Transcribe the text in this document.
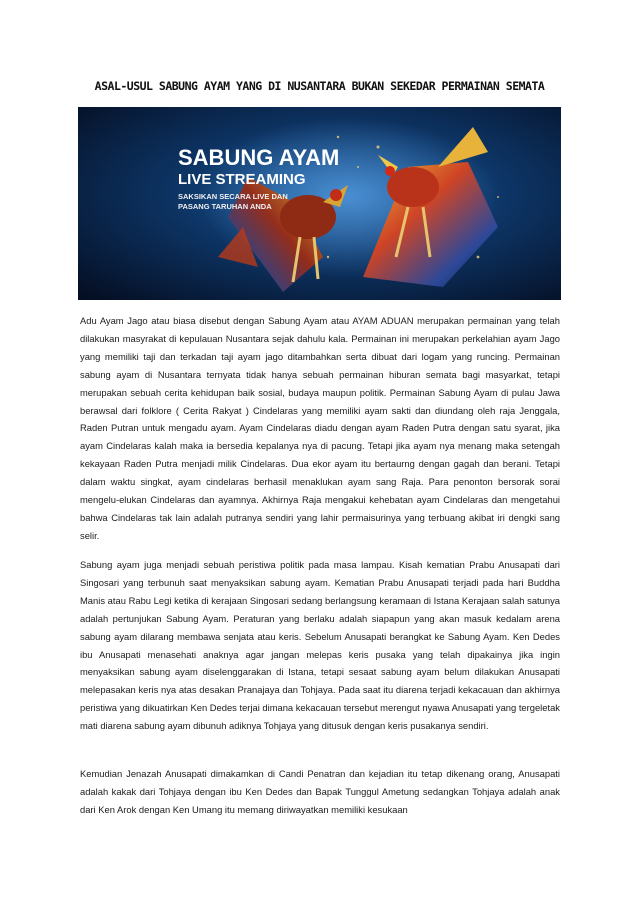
ASAL-USUL SABUNG AYAM YANG DI NUSANTARA BUKAN SEKEDAR PERMAINAN SEMATA
SABUNG AYAM
LIVE STREAMING
SAKSIKAN SECARA LIVE DAN
PASANG TARUHAN ANDA
Adu Ayam Jago atau biasa disebut dengan Sabung Ayam atau AYAM ADUAN merupakan permainan yang telah dilakukan masyrakat di kepulauan Nusantara sejak dahulu kala. Permainan ini merupakan perkelahian ayam Jago yang memiliki taji dan terkadan taji ayam jago ditambahkan serta dibuat dari logam yang runcing. Permainan sabung ayam di Nusantara ternyata tidak hanya sebuah permainan hiburan semata bagi masyarkat, tetapi merupakan sebuah cerita kehidupan baik sosial, budaya maupun politik. Permainan Sabung Ayam di pulau Jawa berawsal dari folklore ( Cerita Rakyat ) Cindelaras yang memiliki ayam sakti dan diundang oleh raja Jenggala, Raden Putran untuk mengadu ayam. Ayam Cindelaras diadu dengan ayam Raden Putra dengan satu syarat, jika ayam Cindelaras kalah maka ia bersedia kepalanya nya di pacung. Tetapi jika ayam nya menang maka setengah kekayaan Raden Putra menjadi milik Cindelaras. Dua ekor ayam itu bertaurng dengan gagah dan berani. Tetapi dalam waktu singkat, ayam cindelaras berhasil menaklukan ayam sang Raja. Para penonton bersorak sorai mengelu-elukan Cindelaras dan ayamnya. Akhirnya Raja mengakui kehebatan ayam Cindelaras dan mengetahui bahwa Cindelaras tak lain adalah putranya sendiri yang lahir permaisurinya yang terbuang akibat iri dengki sang selir.
Sabung ayam juga menjadi sebuah peristiwa politik pada masa lampau. Kisah kematian Prabu Anusapati dari Singosari yang terbunuh saat menyaksikan sabung ayam. Kematian Prabu Anusapati terjadi pada hari Buddha Manis atau Rabu Legi ketika di kerajaan Singosari sedang berlangsung keramaan di Istana Kerajaan salah satunya adalah pertunjukan Sabung Ayam. Peraturan yang berlaku adalah siapapun yang akan masuk kedalam arena sabung ayam dilarang membawa senjata atau keris. Sebelum Anusapati berangkat ke Sabung Ayam. Ken Dedes ibu Anusapati menasehati anaknya agar jangan melepas keris pusaka yang telah dipakainya jika ingin menyaksikan sabung ayam diselenggarakan di Istana, tetapi sesaat sabung ayam belum dilakukan Anusapati melepasakan keris nya atas desakan Pranajaya dan Tohjaya. Pada saat itu diarena terjadi kekacauan dan akhirnya peristiwa yang dikuatirkan Ken Dedes terjai dimana kekacauan tersebut merengut nyawa Anusapati yang tergeletak mati diarena sabung ayam dibunuh adiknya Tohjaya yang ditusuk dengan keris pusakanya sendiri.
Kemudian Jenazah Anusapati dimakamkan di Candi Penatran dan kejadian itu tetap dikenang orang, Anusapati adalah kakak dari Tohjaya dengan ibu Ken Dedes dan Bapak Tunggul Ametung sedangkan Tohjaya adalah anak dari Ken Arok dengan Ken Umang itu memang diriwayatkan memiliki kesukaan
